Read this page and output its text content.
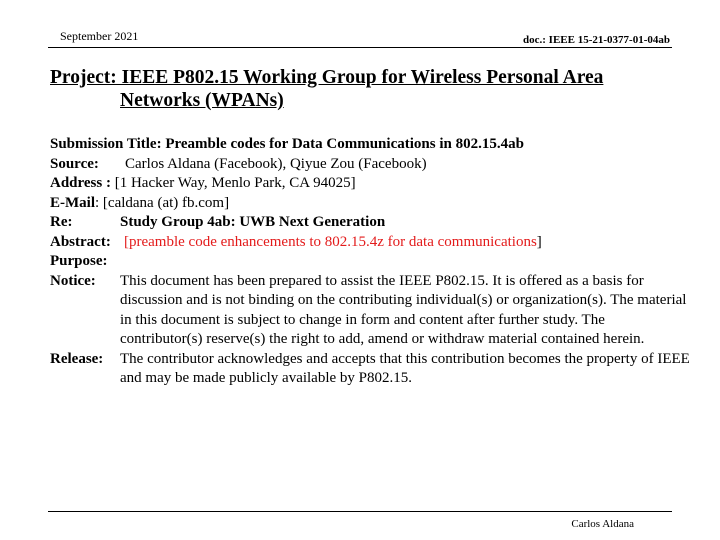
September 2021	doc.: IEEE 15-21-0377-01-04ab
Project: IEEE P802.15 Working Group for Wireless Personal Area
Networks (WPANs)
Submission Title: Preamble codes for Data Communications in 802.15.4ab
Source: Carlos Aldana (Facebook), Qiyue Zou (Facebook)
Address : [1 Hacker Way, Menlo Park, CA 94025]
E-Mail: [caldana (at) fb.com]
Re:	Study Group 4ab: UWB Next Generation
Abstract: [preamble code enhancements to 802.15.4z for data communications]
Purpose:
Notice:	This document has been prepared to assist the IEEE P802.15. It is offered as a basis for discussion and is not binding on the contributing individual(s) or organization(s). The material in this document is subject to change in form and content after further study. The contributor(s) reserve(s) the right to add, amend or withdraw material contained herein.
Release:	The contributor acknowledges and accepts that this contribution becomes the property of IEEE and may be made publicly available by P802.15.
Carlos Aldana
